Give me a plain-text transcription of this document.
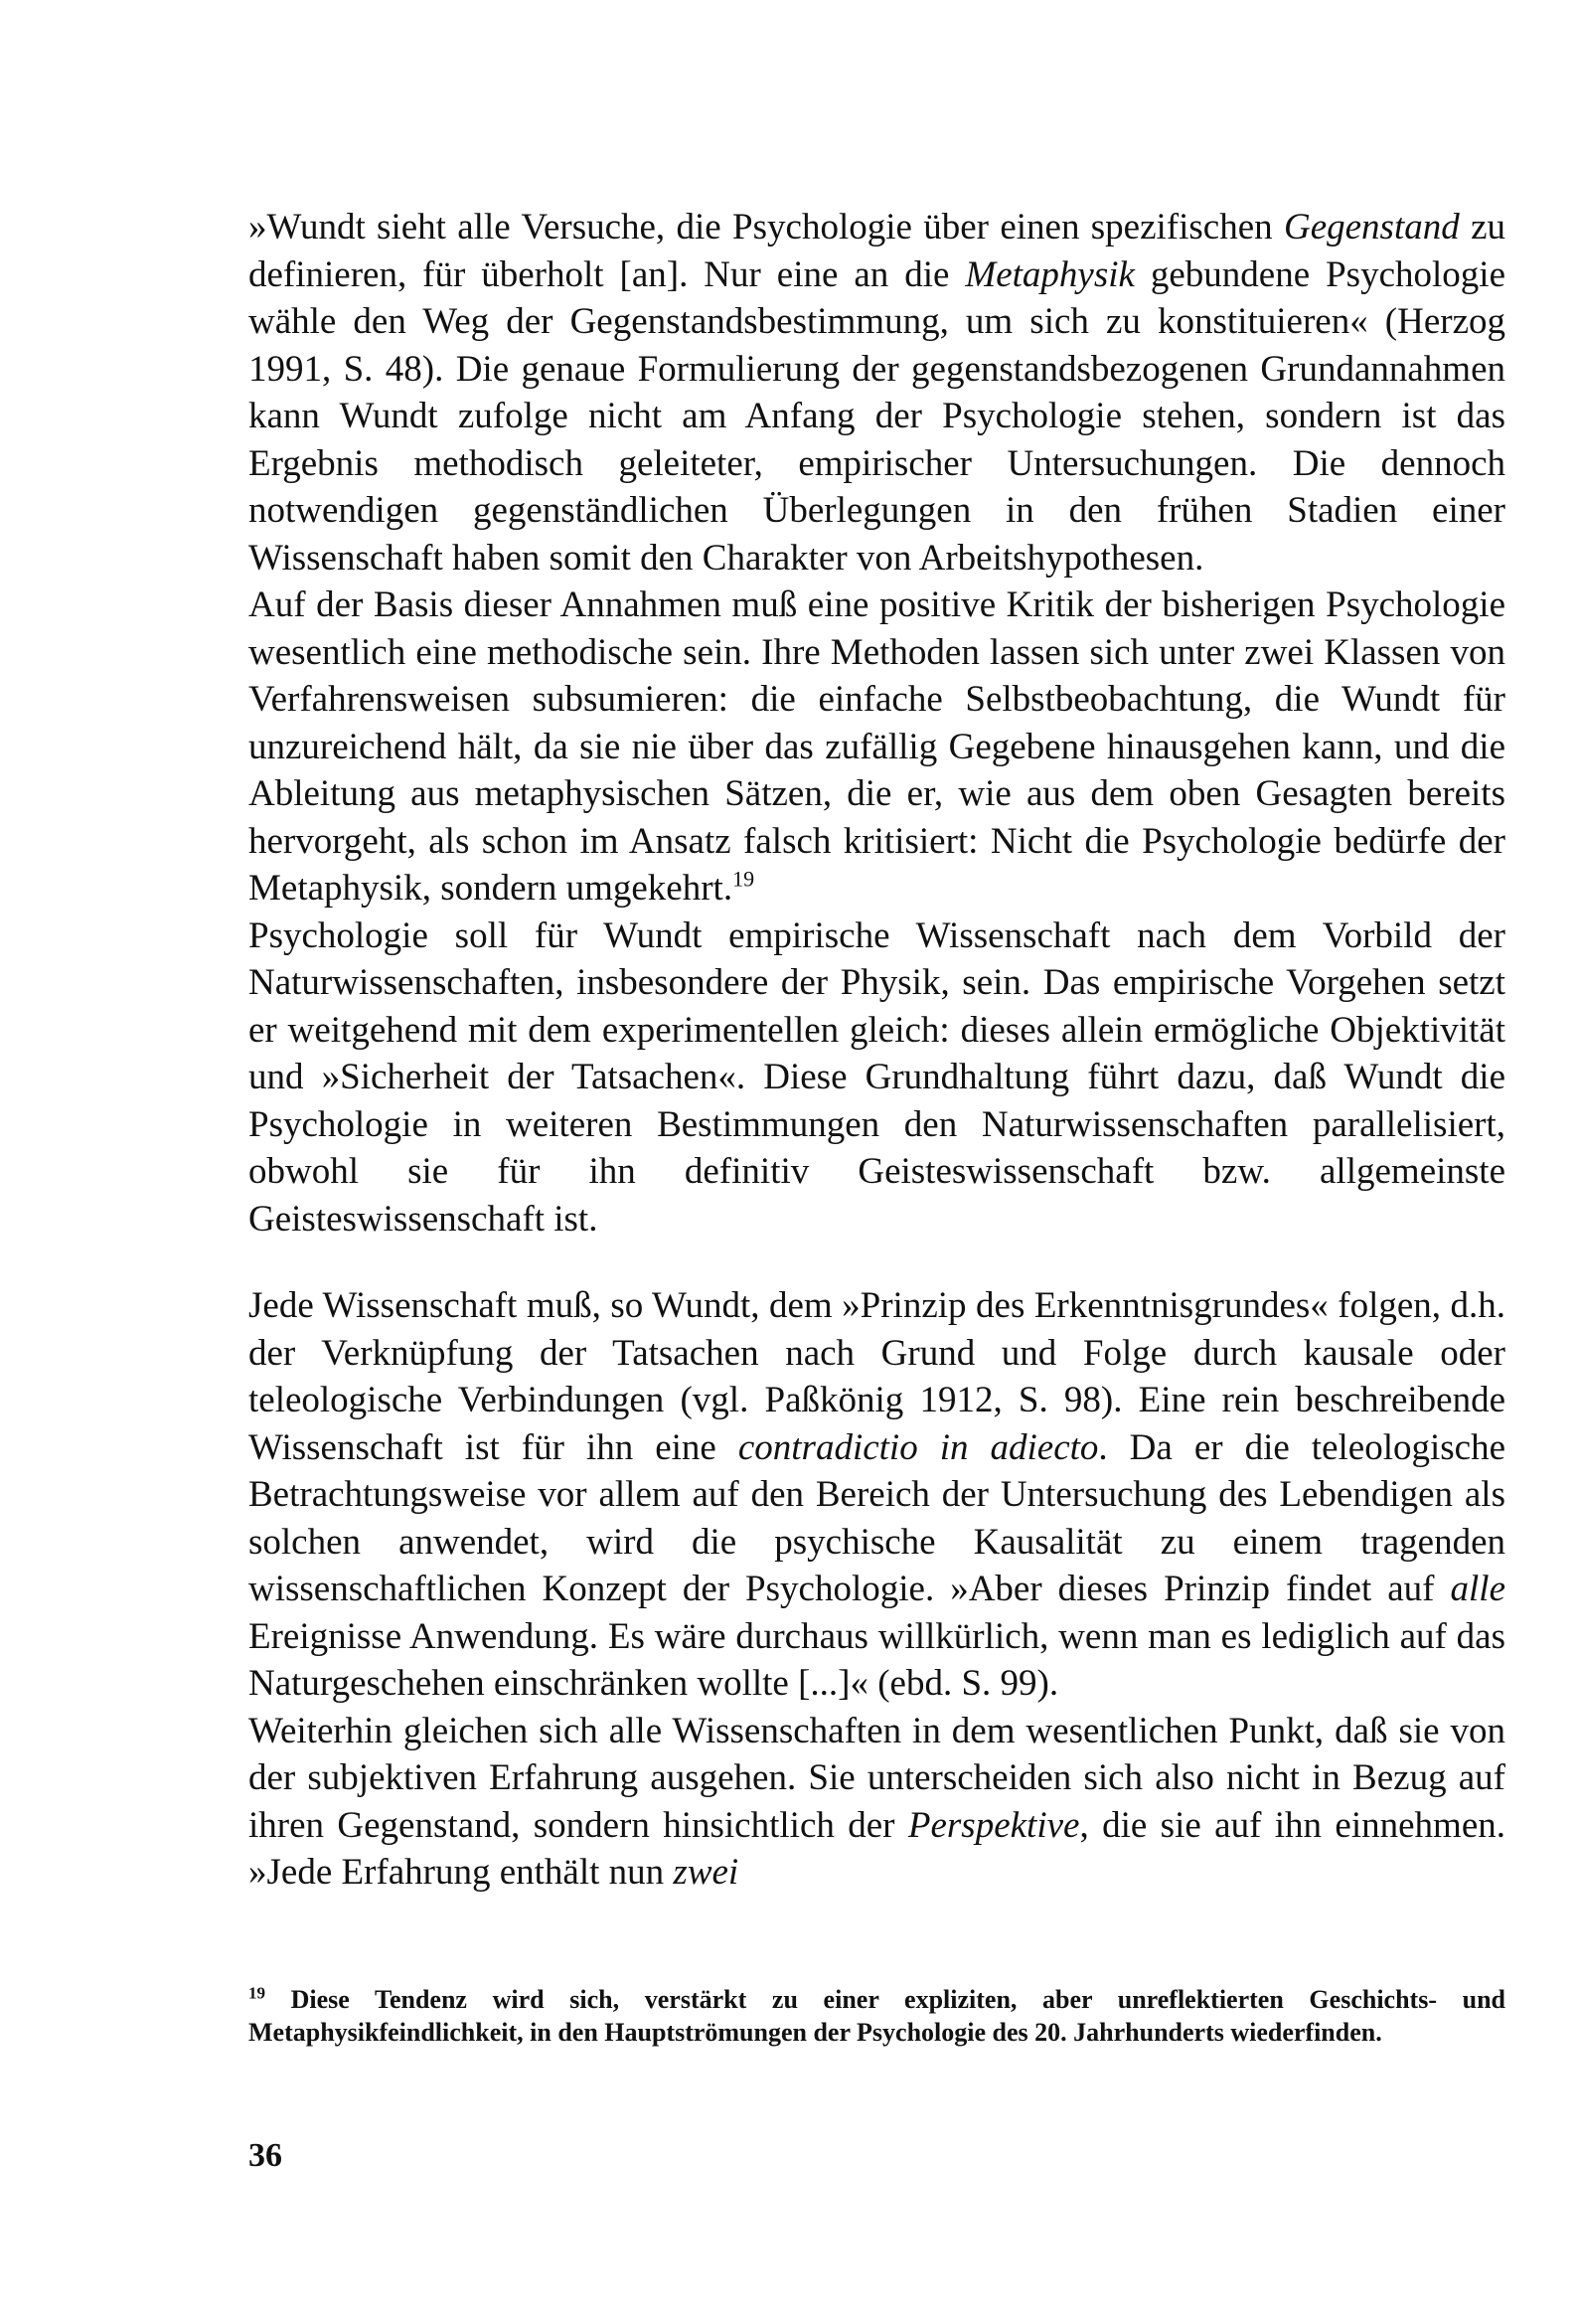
»Wundt sieht alle Versuche, die Psychologie über einen spezifischen Gegenstand zu definieren, für überholt [an]. Nur eine an die Metaphysik gebundene Psychologie wähle den Weg der Gegenstandsbestimmung, um sich zu konstituieren« (Herzog 1991, S. 48). Die genaue Formulierung der gegenstandsbezogenen Grundannahmen kann Wundt zufolge nicht am Anfang der Psychologie stehen, sondern ist das Ergebnis methodisch geleiteter, empirischer Untersuchungen. Die dennoch notwendigen gegenständlichen Überlegungen in den frühen Stadien einer Wissenschaft haben somit den Charakter von Arbeitshypothesen.

Auf der Basis dieser Annahmen muß eine positive Kritik der bisherigen Psychologie wesentlich eine methodische sein. Ihre Methoden lassen sich unter zwei Klassen von Verfahrensweisen subsumieren: die einfache Selbstbeobachtung, die Wundt für unzureichend hält, da sie nie über das zufällig Gegebene hinausgehen kann, und die Ableitung aus metaphysischen Sätzen, die er, wie aus dem oben Gesagten bereits hervorgeht, als schon im Ansatz falsch kritisiert: Nicht die Psychologie bedürfe der Metaphysik, sondern umgekehrt.$^{19}$

Psychologie soll für Wundt empirische Wissenschaft nach dem Vorbild der Naturwissenschaften, insbesondere der Physik, sein. Das empirische Vorgehen setzt er weitgehend mit dem experimentellen gleich: dieses allein ermögliche Objektivität und »Sicherheit der Tatsachen«. Diese Grundhaltung führt dazu, daß Wundt die Psychologie in weiteren Bestimmungen den Naturwissenschaften parallelisiert, obwohl sie für ihn definitiv Geisteswissenschaft bzw. allgemeinste Geisteswissenschaft ist.

Jede Wissenschaft muß, so Wundt, dem »Prinzip des Erkenntnisgrundes« folgen, d.h. der Verknüpfung der Tatsachen nach Grund und Folge durch kausale oder teleologische Verbindungen (vgl. Paßkönig 1912, S. 98). Eine rein beschreibende Wissenschaft ist für ihn eine contradictio in adiecto. Da er die teleologische Betrachtungsweise vor allem auf den Bereich der Untersuchung des Lebendigen als solchen anwendet, wird die psychische Kausalität zu einem tragenden wissenschaftlichen Konzept der Psychologie. »Aber dieses Prinzip findet auf alle Ereignisse Anwendung. Es wäre durchaus willkürlich, wenn man es lediglich auf das Naturgeschehen einschränken wollte [...]« (ebd. S. 99).

Weiterhin gleichen sich alle Wissenschaften in dem wesentlichen Punkt, daß sie von der subjektiven Erfahrung ausgehen. Sie unterscheiden sich also nicht in Bezug auf ihren Gegenstand, sondern hinsichtlich der Perspektive, die sie auf ihn einnehmen. »Jede Erfahrung enthält nun zwei

$^{19}$ Diese Tendenz wird sich, verstärkt zu einer expliziten, aber unreflektierten Geschichts- und Metaphysikfeindlichkeit, in den Hauptströmungen der Psychologie des 20. Jahrhunderts wiederfinden.
36
